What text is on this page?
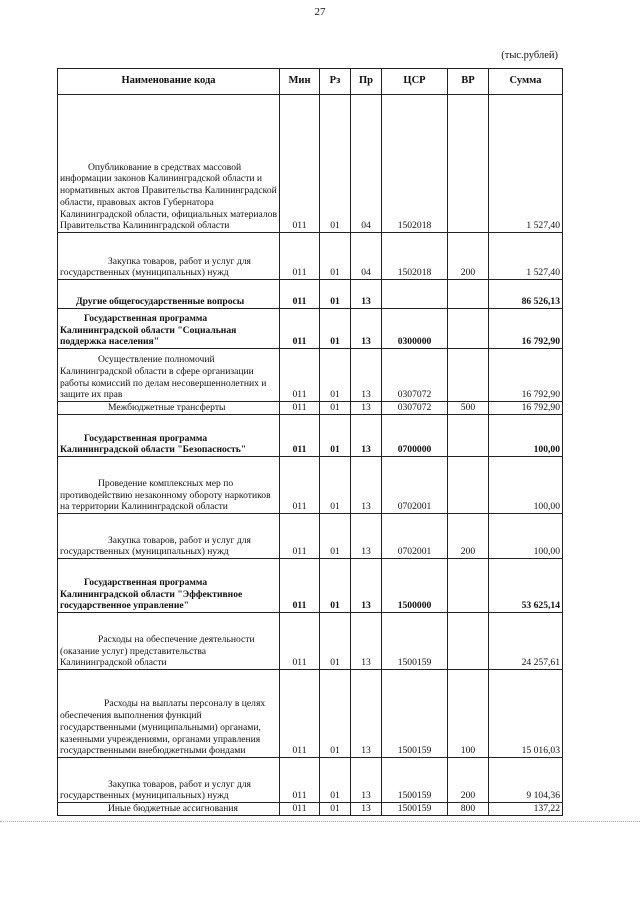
27
(тыс.рублей)
Наименование кода	Мин	Рз	Пр	ЦСР	ВР	Сумма
Опубликование в средствах массовой информации законов Калининградской области и нормативных актов Правительства Калининградской области, правовых актов Губернатора Калининградской области, официальных материалов Правительства Калининградской области	011	01	04	1502018		1 527,40
Закупка товаров, работ и услуг для государственных (муниципальных) нужд	011	01	04	1502018	200	1 527,40
Другие общегосударственные вопросы	011	01	13			86 526,13
Государственная программа Калининградской области "Социальная поддержка населения"	011	01	13	0300000		16 792,90
Осуществление полномочий Калининградской области в сфере организации работы комиссий по делам несовершеннолетних и защите их прав	011	01	13	0307072		16 792,90
Межбюджетные трансферты	011	01	13	0307072	500	16 792,90
Государственная программа Калининградской области "Безопасность"	011	01	13	0700000		100,00
Проведение комплексных мер по противодействию незаконному обороту наркотиков на территории Калининградской области	011	01	13	0702001		100,00
Закупка товаров, работ и услуг для государственных (муниципальных) нужд	011	01	13	0702001	200	100,00
Государственная программа Калининградской области "Эффективное государственное управление"	011	01	13	1500000		53 625,14
Расходы на обеспечение деятельности (оказание услуг) представительства Калининградской области	011	01	13	1500159		24 257,61
Расходы на выплаты персоналу в целях обеспечения выполнения функций государственными (муниципальными) органами, казенными учреждениями, органами управления государственными внебюджетными фондами	011	01	13	1500159	100	15 016,03
Закупка товаров, работ и услуг для государственных (муниципальных) нужд	011	01	13	1500159	200	9 104,36
Иные бюджетные ассигнования	011	01	13	1500159	800	137,22
